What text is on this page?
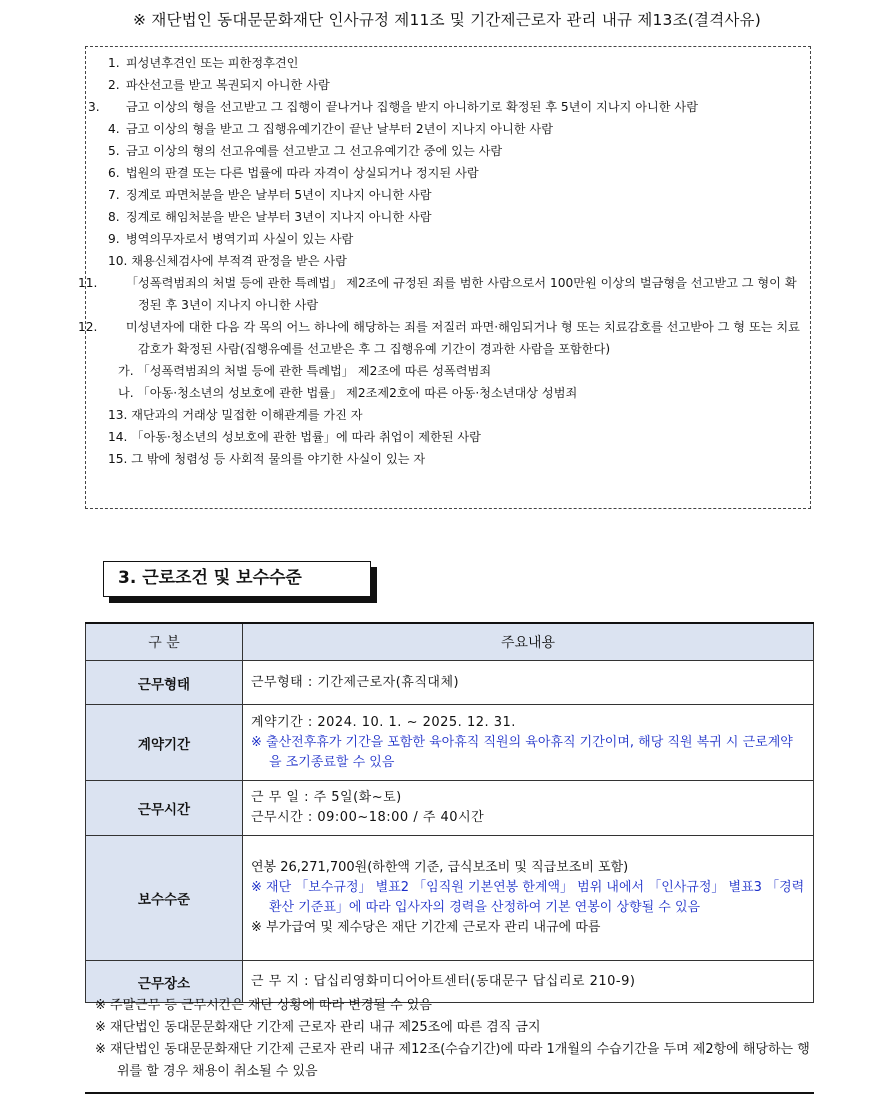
※ 재단법인 동대문문화재단 인사규정 제11조 및 기간제근로자 관리 내규 제13조(결격사유)
1. 피성년후견인 또는 피한정후견인
2. 파산선고를 받고 복권되지 아니한 사람
3. 금고 이상의 형을 선고받고 그 집행이 끝나거나 집행을 받지 아니하기로 확정된 후 5년이 지나지 아니한 사람
4. 금고 이상의 형을 받고 그 집행유예기간이 끝난 날부터 2년이 지나지 아니한 사람
5. 금고 이상의 형의 선고유예를 선고받고 그 선고유예기간 중에 있는 사람
6. 법원의 판결 또는 다른 법률에 따라 자격이 상실되거나 정지된 사람
7. 징계로 파면처분을 받은 날부터 5년이 지나지 아니한 사람
8. 징계로 해임처분을 받은 날부터 3년이 지나지 아니한 사람
9. 병역의무자로서 병역기피 사실이 있는 사람
10. 채용신체검사에 부적격 판정을 받은 사람
11. 「성폭력범죄의 처벌 등에 관한 특례법」 제2조에 규정된 죄를 범한 사람으로서 100만원 이상의 벌금형을 선고받고 그 형이 확정된 후 3년이 지나지 아니한 사람
12. 미성년자에 대한 다음 각 목의 어느 하나에 해당하는 죄를 저질러 파면·해임되거나 형 또는 치료감호를 선고받아 그 형 또는 치료감호가 확정된 사람(집행유예를 선고받은 후 그 집행유예 기간이 경과한 사람을 포함한다)
가. 「성폭력범죄의 처벌 등에 관한 특례법」 제2조에 따른 성폭력범죄
나. 「아동·청소년의 성보호에 관한 법률」 제2조제2호에 따른 아동·청소년대상 성범죄
13. 재단과의 거래상 밀접한 이해관계를 가진 자
14. 「아동·청소년의 성보호에 관한 법률」에 따라 취업이 제한된 사람
15. 그 밖에 청렴성 등 사회적 물의를 야기한 사실이 있는 자
3. 근로조건 및 보수수준
구 분	주요내용
근무형태	근무형태 : 기간제근로자(휴직대체)

계약기간	계약기간 : 2024. 10. 1. ~ 2025. 12. 31.
※ 출산전후휴가 기간을 포함한 육아휴직 직원의 육아휴직 기간이며, 해당 직원 복귀 시 근로계약을 조기종료할 수 있음

근무시간	근 무 일 : 주 5일(화~토)
근무시간 : 09:00~18:00 / 주 40시간

보수수준	연봉 26,271,700원(하한액 기준, 급식보조비 및 직급보조비 포함)
※ 재단 「보수규정」 별표2 「임직원 기본연봉 한계액」 범위 내에서 「인사규정」 별표3 「경력환산 기준표」에 따라 입사자의 경력을 산정하여 기본 연봉이 상향될 수 있음
※ 부가급여 및 제수당은 재단 기간제 근로자 관리 내규에 따름

근무장소	근 무 지 : 답십리영화미디어아트센터(동대문구 답십리로 210-9)
※ 주말근무 등 근무시간은 재단 상황에 따라 변경될 수 있음
※ 재단법인 동대문문화재단 기간제 근로자 관리 내규 제25조에 따른 겸직 금지
※ 재단법인 동대문문화재단 기간제 근로자 관리 내규 제12조(수습기간)에 따라 1개월의 수습기간을 두며 제2항에 해당하는 행위를 할 경우 채용이 취소될 수 있음
